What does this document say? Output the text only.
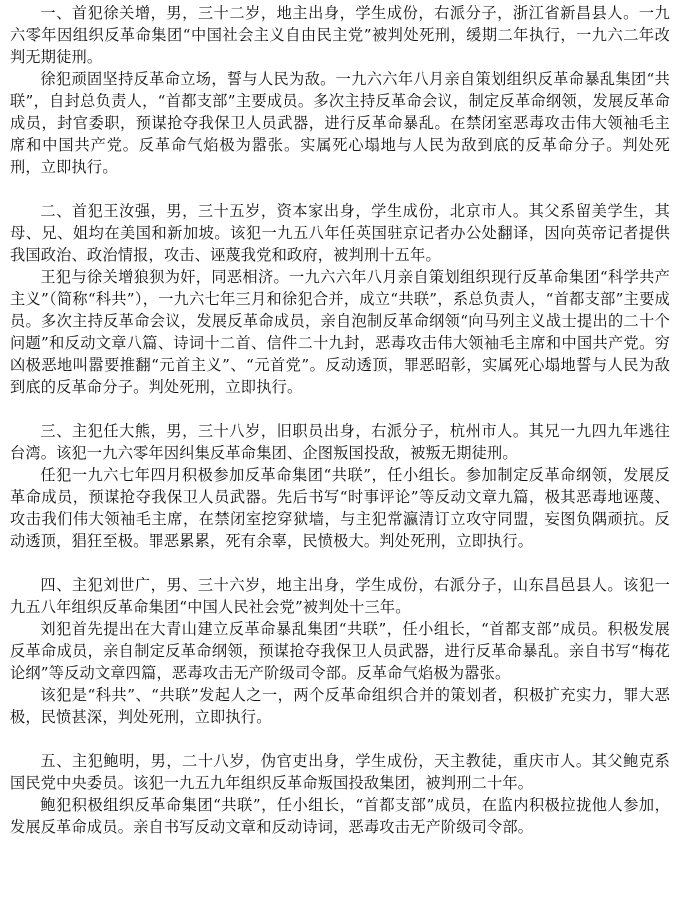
一、首犯徐关增，男，三十二岁，地主出身，学生成份，右派分子，浙江省新昌县人。一九六零年因组织反革命集团“中国社会主义自由民主党”被判处死刑，缓期二年执行，一九六二年改判无期徒刑。

徐犯顽固坚持反革命立场，誓与人民为敌。一九六六年八月亲自策划组织反革命暴乱集团“共联”，自封总负责人，“首都支部”主要成员。多次主持反革命会议，制定反革命纲领，发展反革命成员，封官委职，预谋抢夺我保卫人员武器，进行反革命暴乱。在禁闭室恶毒攻击伟大领袖毛主席和中国共产党。反革命气焰极为嚣张。实属死心塌地与人民为敌到底的反革命分子。判处死刑，立即执行。

二、首犯王汝强，男，三十五岁，资本家出身，学生成份，北京市人。其父系留美学生，其母、兄、姐均在美国和新加坡。该犯一九五八年任英国驻京记者办公处翻译，因向英帝记者提供我国政治、政治情报，攻击、诬蔑我党和政府，被判刑十五年。

王犯与徐关增狼狈为奸，同恶相济。一九六六年八月亲自策划组织现行反革命集团“科学共产主义”（简称“科共”），一九六七年三月和徐犯合并，成立“共联”，系总负责人，“首都支部”主要成员。多次主持反革命会议，发展反革命成员，亲自泡制反革命纲领“向马列主义战士提出的二十个问题”和反动文章八篇、诗词十二首、信件二十九封，恶毒攻击伟大领袖毛主席和中国共产党。穷凶极恶地叫嚣要推翻“元首主义”、“元首党”。反动透顶，罪恶昭彰，实属死心塌地誓与人民为敌到底的反革命分子。判处死刑，立即执行。

三、主犯任大熊，男，三十八岁，旧职员出身，右派分子，杭州市人。其兄一九四九年逃往台湾。该犯一九六零年因纠集反革命集团、企图叛国投敌，被叛无期徒刑。

任犯一九六七年四月积极参加反革命集团“共联”，任小组长。参加制定反革命纲领，发展反革命成员，预谋抢夺我保卫人员武器。先后书写“时事评论”等反动文章九篇，极其恶毒地诬蔑、攻击我们伟大领袖毛主席，在禁闭室挖穿狱墙，与主犯常瀛清订立攻守同盟，妄图负隅顽抗。反动透顶，猖狂至极。罪恶累累，死有余辜，民愤极大。判处死刑，立即执行。

四、主犯刘世广，男、三十六岁，地主出身，学生成份，右派分子，山东昌邑县人。该犯一九五八年组织反革命集团“中国人民社会党”被判处十三年。

刘犯首先提出在大青山建立反革命暴乱集团“共联”，任小组长，“首都支部”成员。积极发展反革命成员，亲自制定反革命纲领，预谋抢夺我保卫人员武器，进行反革命暴乱。亲自书写“梅花论纲”等反动文章四篇，恶毒攻击无产阶级司令部。反革命气焰极为嚣张。

该犯是“科共”、“共联”发起人之一，两个反革命组织合并的策划者，积极扩充实力，罪大恶极，民愤甚深，判处死刑，立即执行。

五、主犯鲍明，男，二十八岁，伪官吏出身，学生成份，天主教徒，重庆市人。其父鲍克系国民党中央委员。该犯一九五九年组织反革命叛国投敌集团，被判刑二十年。

鲍犯积极组织反革命集团“共联”，任小组长，“首都支部”成员，在监内积极拉拢他人参加，发展反革命成员。亲自书写反动文章和反动诗词，恶毒攻击无产阶级司令部。
